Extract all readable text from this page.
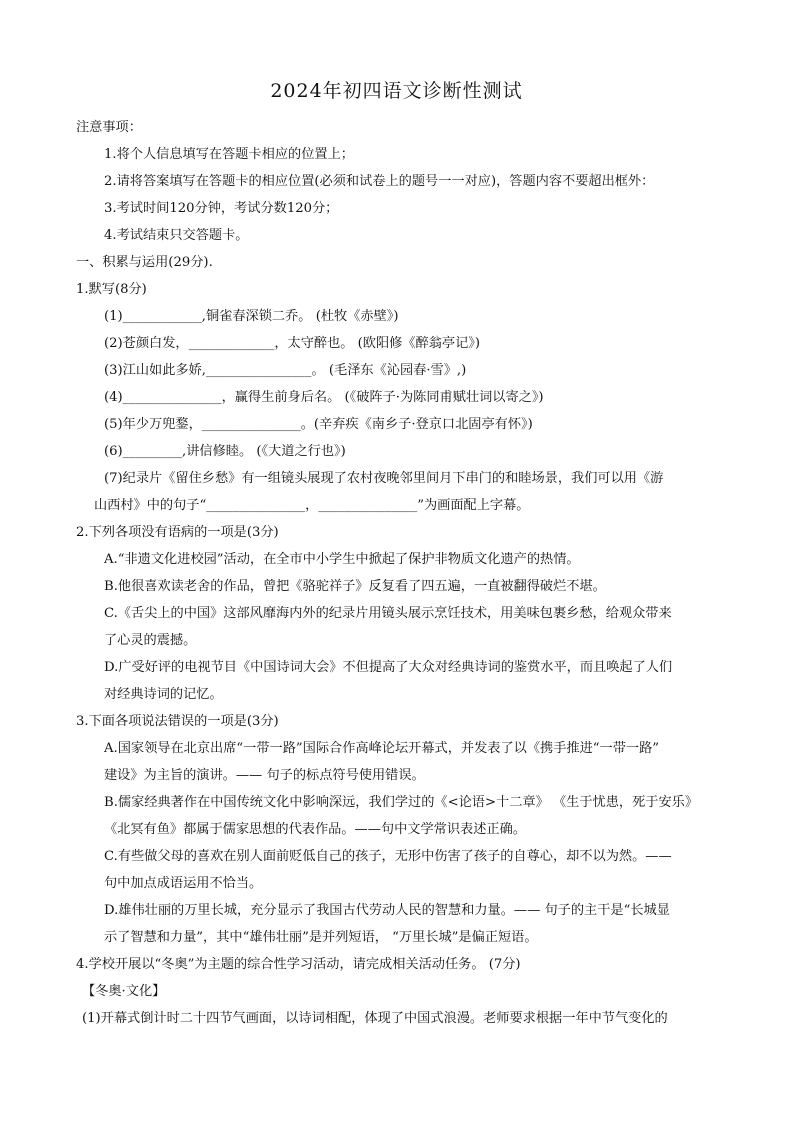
2024年初四语文诊断性测试
注意事项：
1.将个人信息填写在答题卡相应的位置上；
2.请将答案填写在答题卡的相应位置(必须和试卷上的题号一一对应)，答题内容不要超出框外：
3.考试时间120分钟，考试分数120分；
4.考试结束只交答题卡。
一、积累与运用(29分).
1.默写(8分)
(1)____________,铜雀春深锁二乔。 (杜牧《赤壁》)
(2)苍颜白发，_____________，太守醉也。 (欧阳修《醉翁亭记》)
(3)江山如此多娇,________________。 (毛泽东《沁园春·雪》,)
(4)_______________，赢得生前身后名。 (《破阵子·为陈同甫赋壮词以寄之》)
(5)年少万兜鍪，_______________。(辛弃疾《南乡子·登京口北固亭有怀》)
(6)_________,讲信修睦。 (《大道之行也》)
(7)纪录片《留住乡愁》有一组镜头展现了农村夜晚邻里间月下串门的和睦场景，我们可以用《游
山西村》中的句子“_______________，_______________”为画面配上字幕。
2.下列各项没有语病的一项是(3分)
A.“非遗文化进校园”活动，在全市中小学生中掀起了保护非物质文化遗产的热情。
B.他很喜欢读老舍的作品，曾把《骆驼祥子》反复看了四五遍，一直被翻得破烂不堪。
C.《舌尖上的中国》这部风靡海内外的纪录片用镜头展示烹饪技术，用美味包裹乡愁，给观众带来
了心灵的震撼。
D.广受好评的电视节目《中国诗词大会》不但提高了大众对经典诗词的鉴赏水平，而且唤起了人们
对经典诗词的记忆。
3.下面各项说法错误的一项是(3分)
A.国家领导在北京出席“一带一路”国际合作高峰论坛开幕式，并发表了以《携手推进“一带一路”
建设》为主旨的演讲。—— 句子的标点符号使用错误。
B.儒家经典著作在中国传统文化中影响深远，我们学过的《<论语>十二章》 《生于忧患，死于安乐》
《北冥有鱼》都属于儒家思想的代表作品。——句中文学常识表述正确。
C.有些做父母的喜欢在别人面前贬低自己的孩子，无形中伤害了孩子的自尊心，却不以为然。——
句中加点成语运用不恰当。
D.雄伟壮丽的万里长城，充分显示了我国古代劳动人民的智慧和力量。—— 句子的主干是“长城显
示了智慧和力量”，其中“雄伟壮丽”是并列短语， “万里长城”是偏正短语。
4.学校开展以“冬奥”为主题的综合性学习活动，请完成相关活动任务。 (7分)
【冬奥·文化】
(1)开幕式倒计时二十四节气画面，以诗词相配，体现了中国式浪漫。老师要求根据一年中节气变化的
